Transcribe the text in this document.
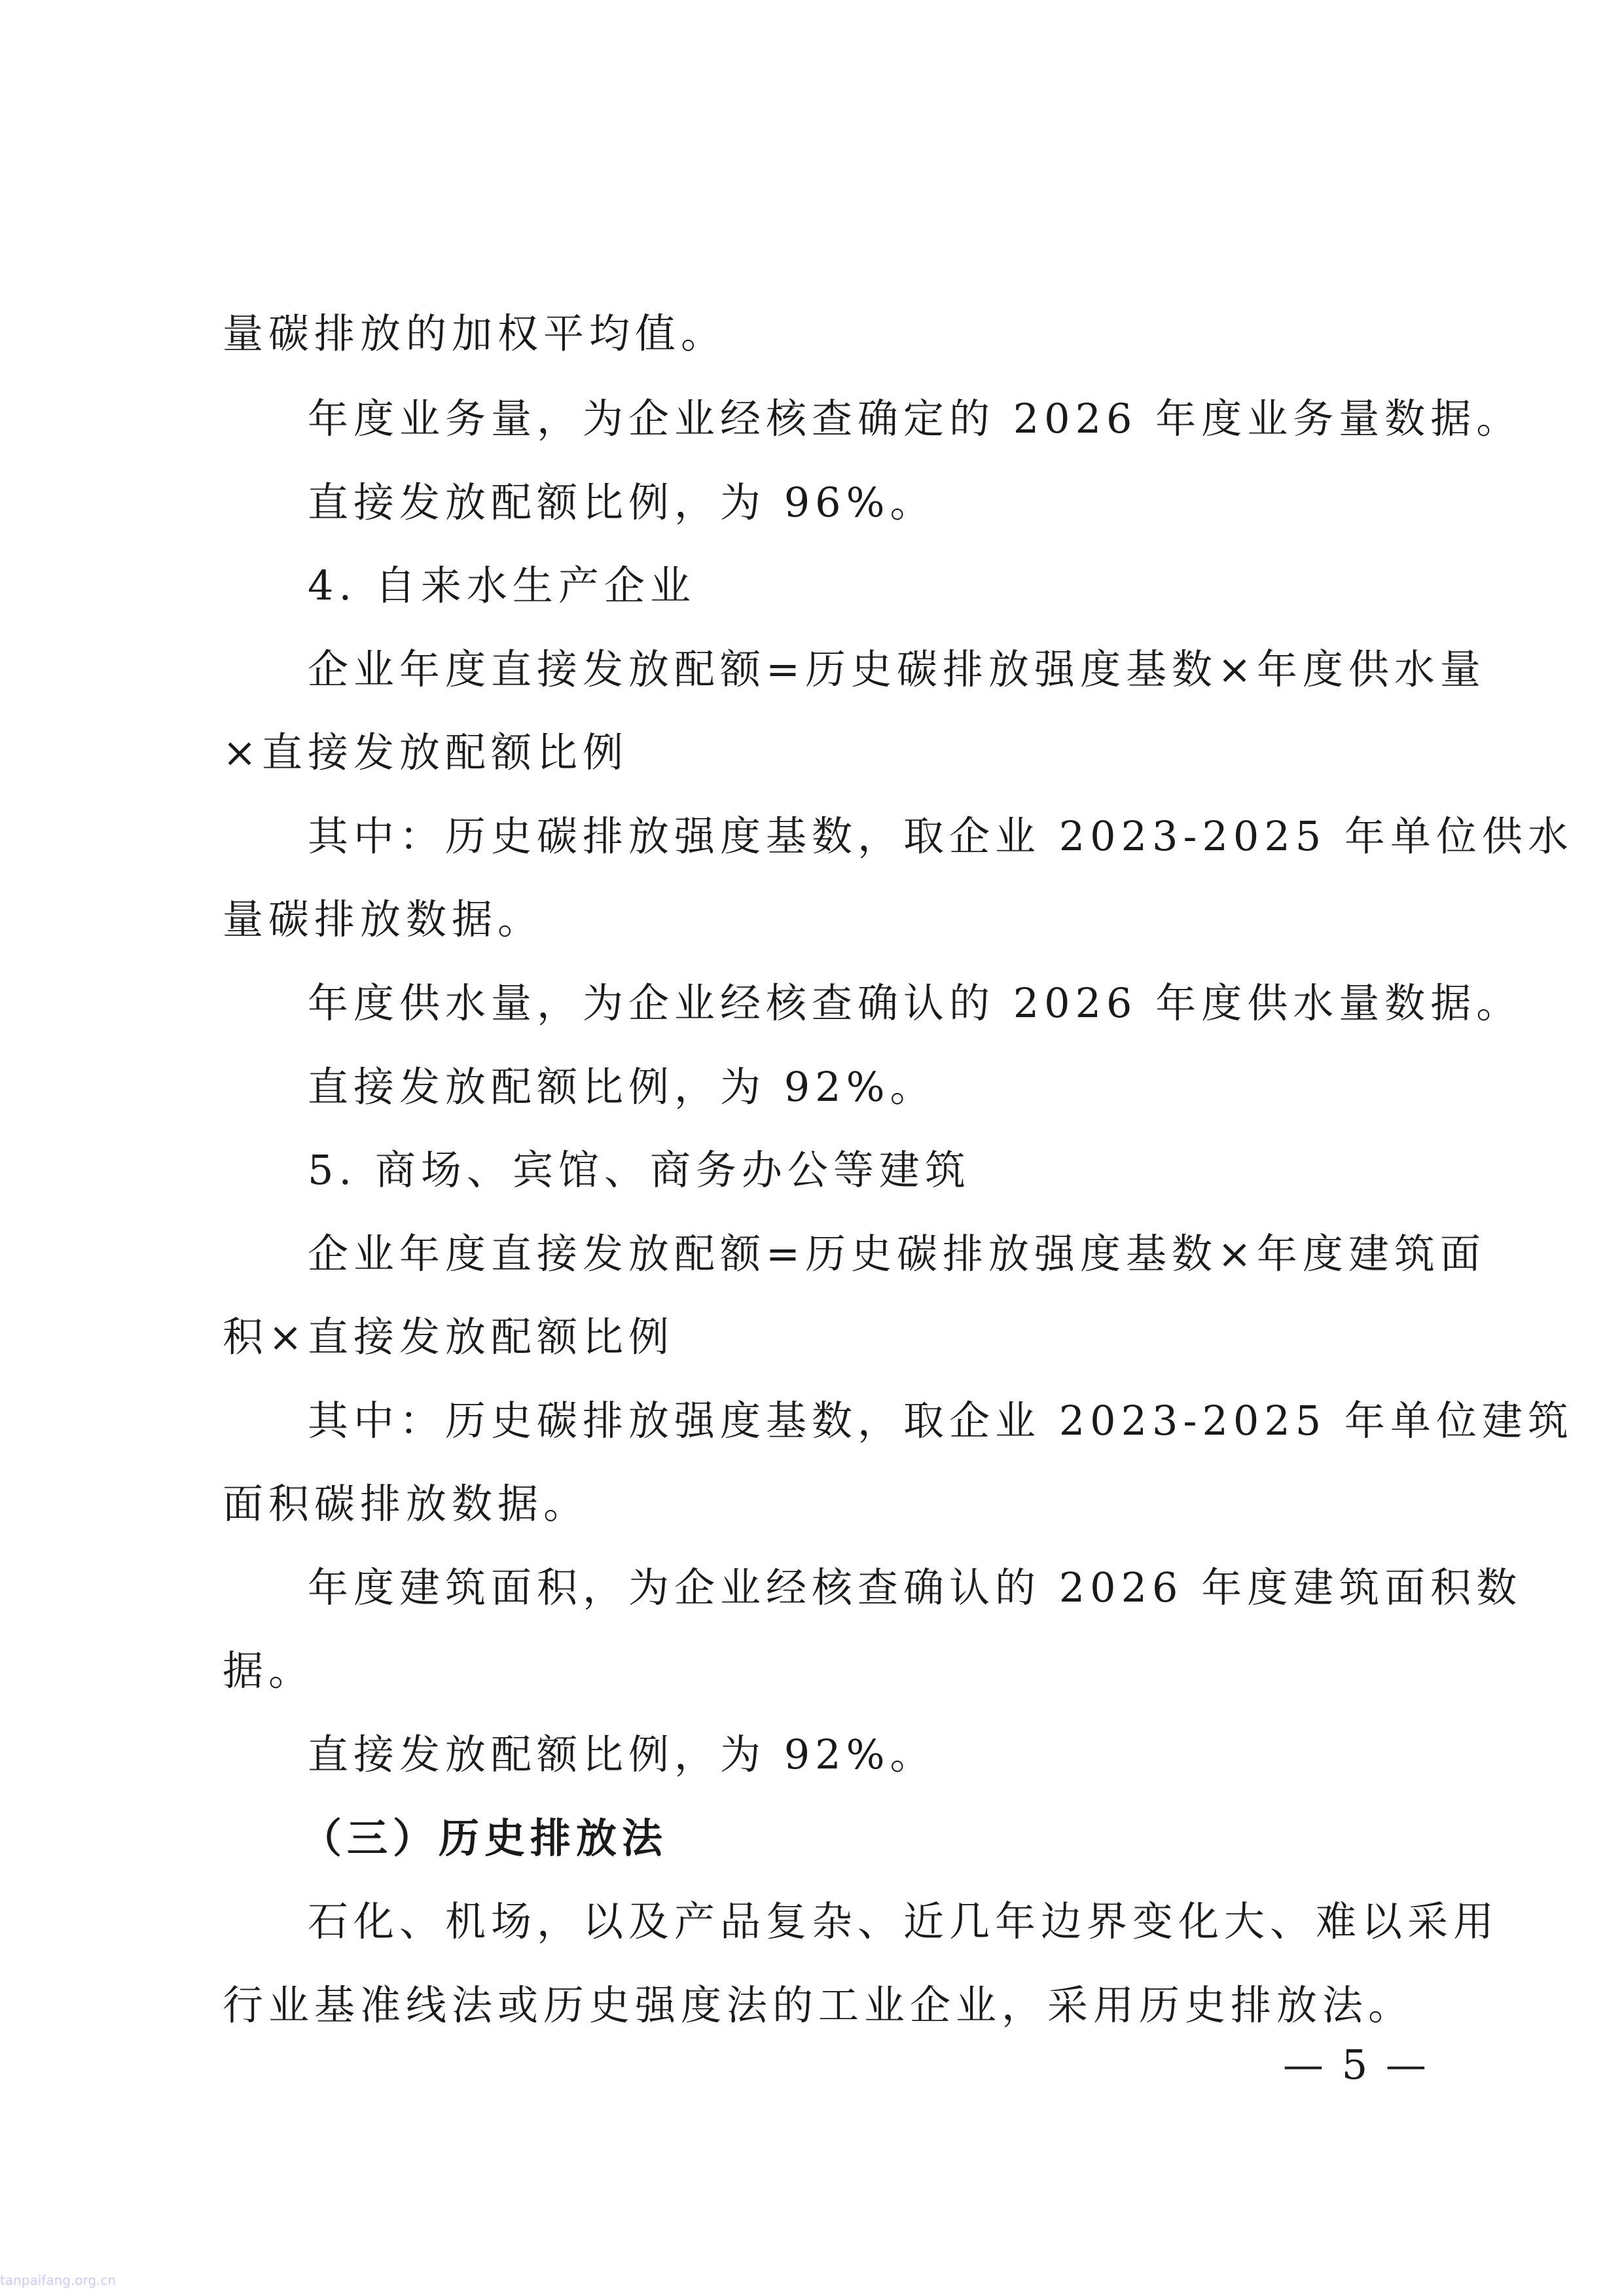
量碳排放的加权平均值。
年度业务量，为企业经核查确定的 2026 年度业务量数据。
直接发放配额比例，为 96%。
4. 自来水生产企业
企业年度直接发放配额=历史碳排放强度基数×年度供水量
×直接发放配额比例
其中：历史碳排放强度基数，取企业 2023-2025 年单位供水
量碳排放数据。
年度供水量，为企业经核查确认的 2026 年度供水量数据。
直接发放配额比例，为 92%。
5. 商场、宾馆、商务办公等建筑
企业年度直接发放配额=历史碳排放强度基数×年度建筑面
积×直接发放配额比例
其中：历史碳排放强度基数，取企业 2023-2025 年单位建筑
面积碳排放数据。
年度建筑面积，为企业经核查确认的 2026 年度建筑面积数
据。
直接发放配额比例，为 92%。
（三）历史排放法
石化、机场，以及产品复杂、近几年边界变化大、难以采用
行业基准线法或历史强度法的工业企业，采用历史排放法。
— 5 —
tanpaifang.org.cn
